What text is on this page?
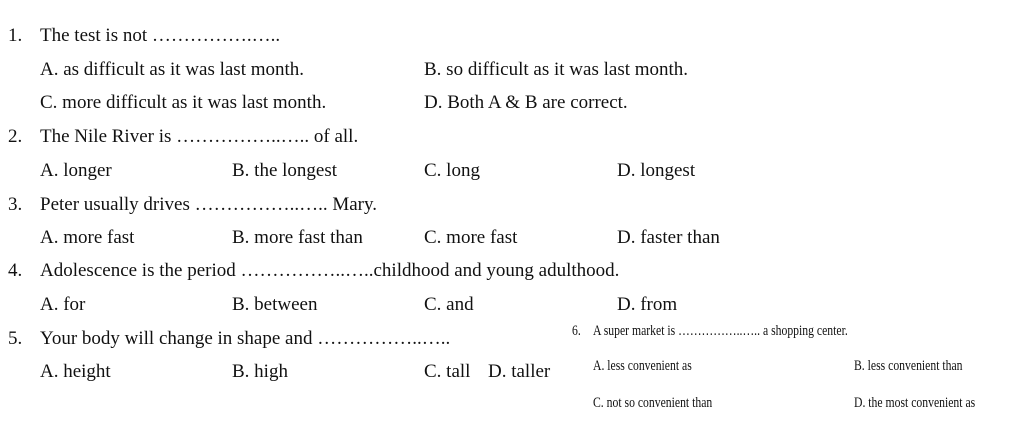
1. The test is not …………….…..
A. as difficult as it was last month.	B. so difficult as it was last month.
C. more difficult as it was last month.	D. Both A & B are correct.
2. The Nile River is ……………..….. of all.
A. longer	B. the longest	C. long	D. longest
3. Peter usually drives ……………..….. Mary.
A. more fast	B. more fast than	C. more fast	D. faster than
4. Adolescence is the period ……………..…..childhood and young adulthood.
A. for	B. between	C. and	D. from
5. Your body will change in shape and ……………..…..
A. height	B. high	C. tall D. taller
6. A super market is ……………..….. a shopping center.
A. less convenient as	B. less convenient than
C. not so convenient than	D. the most convenient as
